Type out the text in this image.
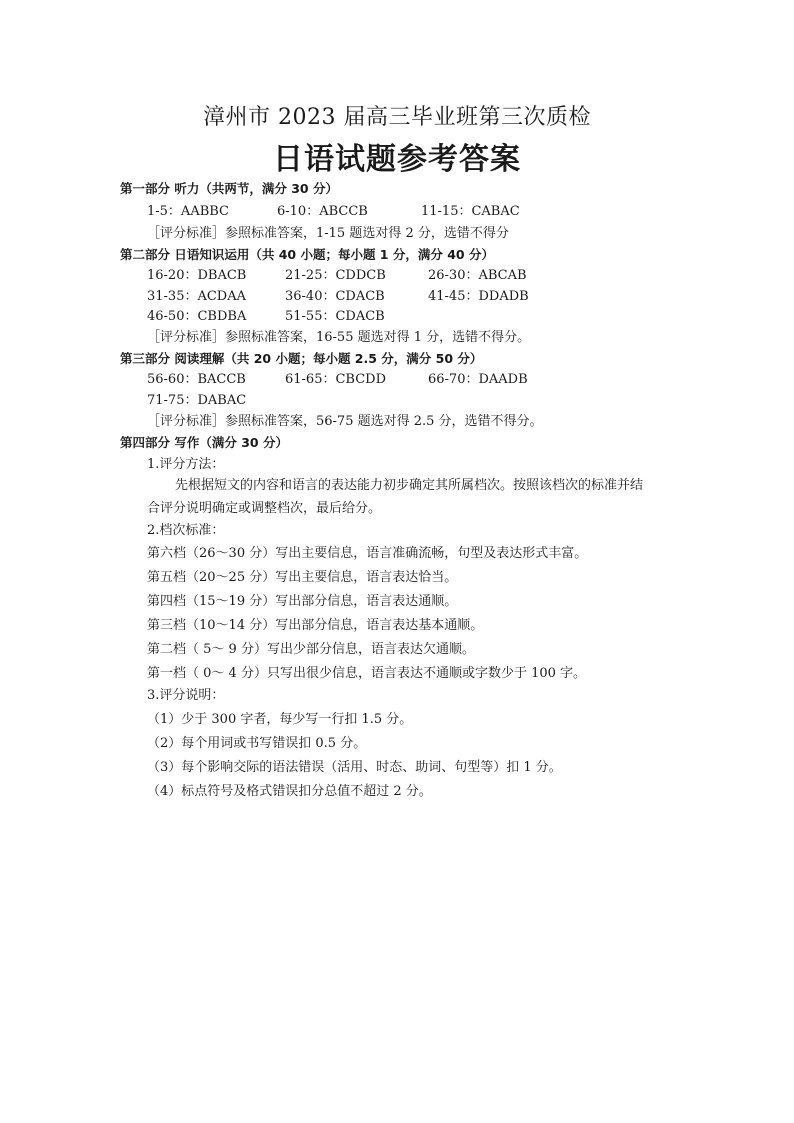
漳州市 2023 届高三毕业班第三次质检
日语试题参考答案
第一部分 听力（共两节，满分 30 分）
1-5：AABBC	6-10：ABCCB	11-15：CABAC
［评分标准］参照标准答案，1-15 题选对得 2 分，选错不得分
第二部分 日语知识运用（共 40 小题；每小题 1 分，满分 40 分）
16-20：DBACB	21-25：CDDCB	26-30：ABCAB
31-35：ACDAA	36-40：CDACB	41-45：DDADB
46-50：CBDBA	51-55：CDACB
［评分标准］参照标准答案，16-55 题选对得 1 分，选错不得分。
第三部分 阅读理解（共 20 小题；每小题 2.5 分，满分 50 分）
56-60：BACCB	61-65：CBCDD	66-70：DAADB
71-75：DABAC
［评分标准］参照标准答案，56-75 题选对得 2.5 分，选错不得分。
第四部分 写作（满分 30 分）
1.评分方法：
先根据短文的内容和语言的表达能力初步确定其所属档次。按照该档次的标准并结
合评分说明确定或调整档次，最后给分。
2.档次标准：
第六档（26～30 分）写出主要信息，语言准确流畅，句型及表达形式丰富。
第五档（20～25 分）写出主要信息，语言表达恰当。
第四档（15～19 分）写出部分信息，语言表达通顺。
第三档（10～14 分）写出部分信息，语言表达基本通顺。
第二档（ 5～ 9 分）写出少部分信息，语言表达欠通顺。
第一档（ 0～ 4 分）只写出很少信息，语言表达不通顺或字数少于 100 字。
3.评分说明：
（1）少于 300 字者，每少写一行扣 1.5 分。
（2）每个用词或书写错误扣 0.5 分。
（3）每个影响交际的语法错误（活用、时态、助词、句型等）扣 1 分。
（4）标点符号及格式错误扣分总值不超过 2 分。
